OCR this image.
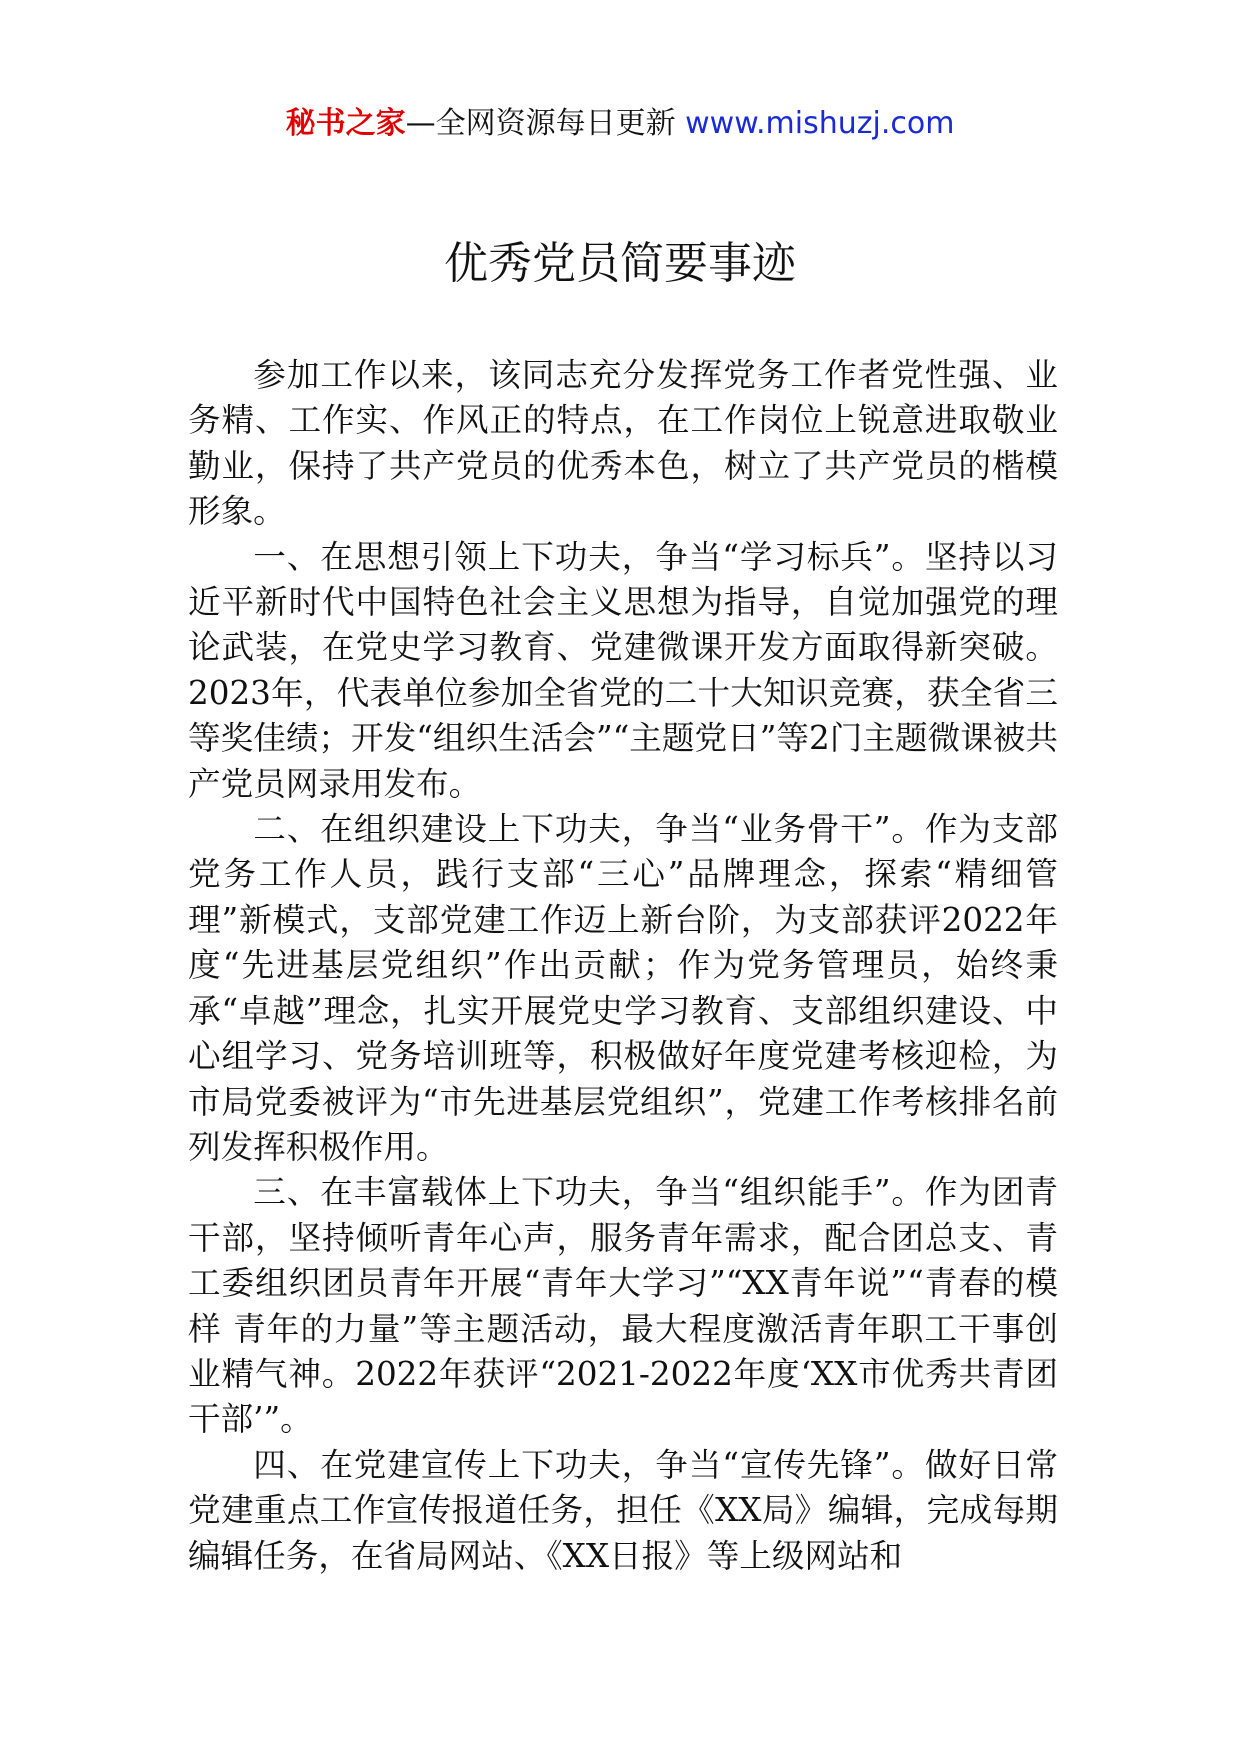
秘书之家—全网资源每日更新 www.mishuzj.com
优秀党员简要事迹

参加工作以来，该同志充分发挥党务工作者党性强、业务精、工作实、作风正的特点，在工作岗位上锐意进取敬业勤业，保持了共产党员的优秀本色，树立了共产党员的楷模形象。

一、在思想引领上下功夫，争当“学习标兵”。坚持以习近平新时代中国特色社会主义思想为指导，自觉加强党的理论武装，在党史学习教育、党建微课开发方面取得新突破。2023年，代表单位参加全省党的二十大知识竞赛，获全省三等奖佳绩；开发“组织生活会”“主题党日”等2门主题微课被共产党员网录用发布。

二、在组织建设上下功夫，争当“业务骨干”。作为支部党务工作人员，践行支部“三心”品牌理念，探索“精细管理”新模式，支部党建工作迈上新台阶，为支部获评2022年度“先进基层党组织”作出贡献；作为党务管理员，始终秉承“卓越”理念，扎实开展党史学习教育、支部组织建设、中心组学习、党务培训班等，积极做好年度党建考核迎检，为市局党委被评为“市先进基层党组织”，党建工作考核排名前列发挥积极作用。

三、在丰富载体上下功夫，争当“组织能手”。作为团青干部，坚持倾听青年心声，服务青年需求，配合团总支、青工委组织团员青年开展“青年大学习”“XX青年说”“青春的模样 青年的力量”等主题活动，最大程度激活青年职工干事创业精气神。2022年获评“2021-2022年度‘XX市优秀共青团干部’”。

四、在党建宣传上下功夫，争当“宣传先锋”。做好日常党建重点工作宣传报道任务，担任《XX局》编辑，完成每期编辑任务，在省局网站、《XX日报》等上级网站和
